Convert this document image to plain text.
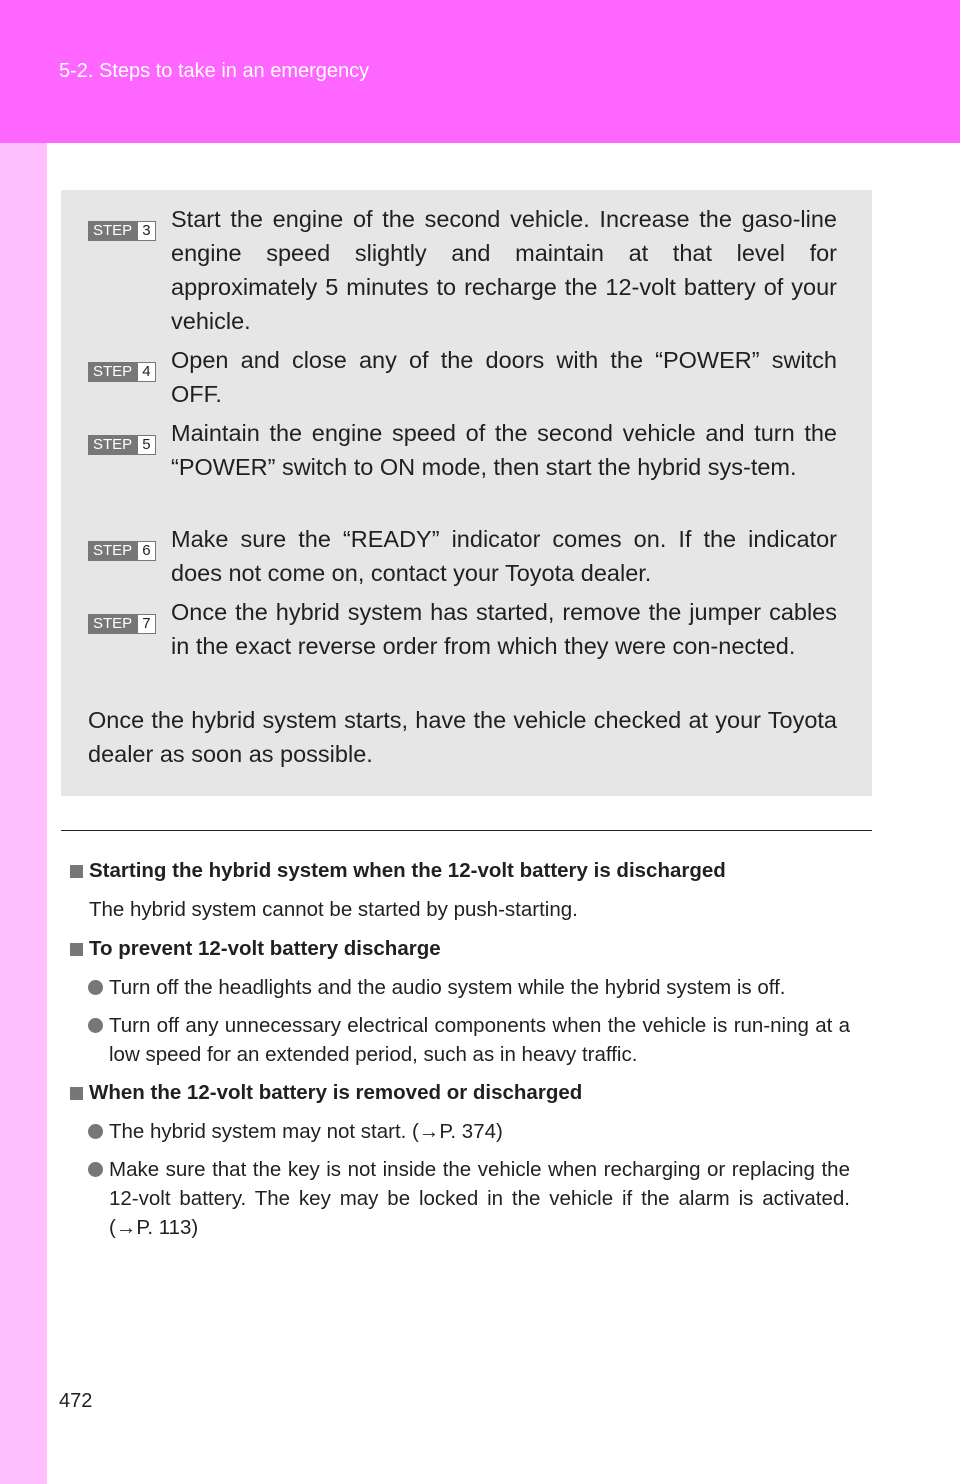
5-2. Steps to take in an emergency
STEP 3 Start the engine of the second vehicle. Increase the gaso-line engine speed slightly and maintain at that level for approximately 5 minutes to recharge the 12-volt battery of your vehicle.
STEP 4 Open and close any of the doors with the “POWER” switch OFF.
STEP 5 Maintain the engine speed of the second vehicle and turn the “POWER” switch to ON mode, then start the hybrid sys-tem.
STEP 6 Make sure the “READY” indicator comes on. If the indicator does not come on, contact your Toyota dealer.
STEP 7 Once the hybrid system has started, remove the jumper cables in the exact reverse order from which they were con-nected.
Once the hybrid system starts, have the vehicle checked at your Toyota dealer as soon as possible.
Starting the hybrid system when the 12-volt battery is discharged
The hybrid system cannot be started by push-starting.
To prevent 12-volt battery discharge
Turn off the headlights and the audio system while the hybrid system is off.
Turn off any unnecessary electrical components when the vehicle is run-ning at a low speed for an extended period, such as in heavy traffic.
When the 12-volt battery is removed or discharged
The hybrid system may not start. (→P. 374)
Make sure that the key is not inside the vehicle when recharging or replacing the 12-volt battery. The key may be locked in the vehicle if the alarm is activated. (→P. 113)
472
